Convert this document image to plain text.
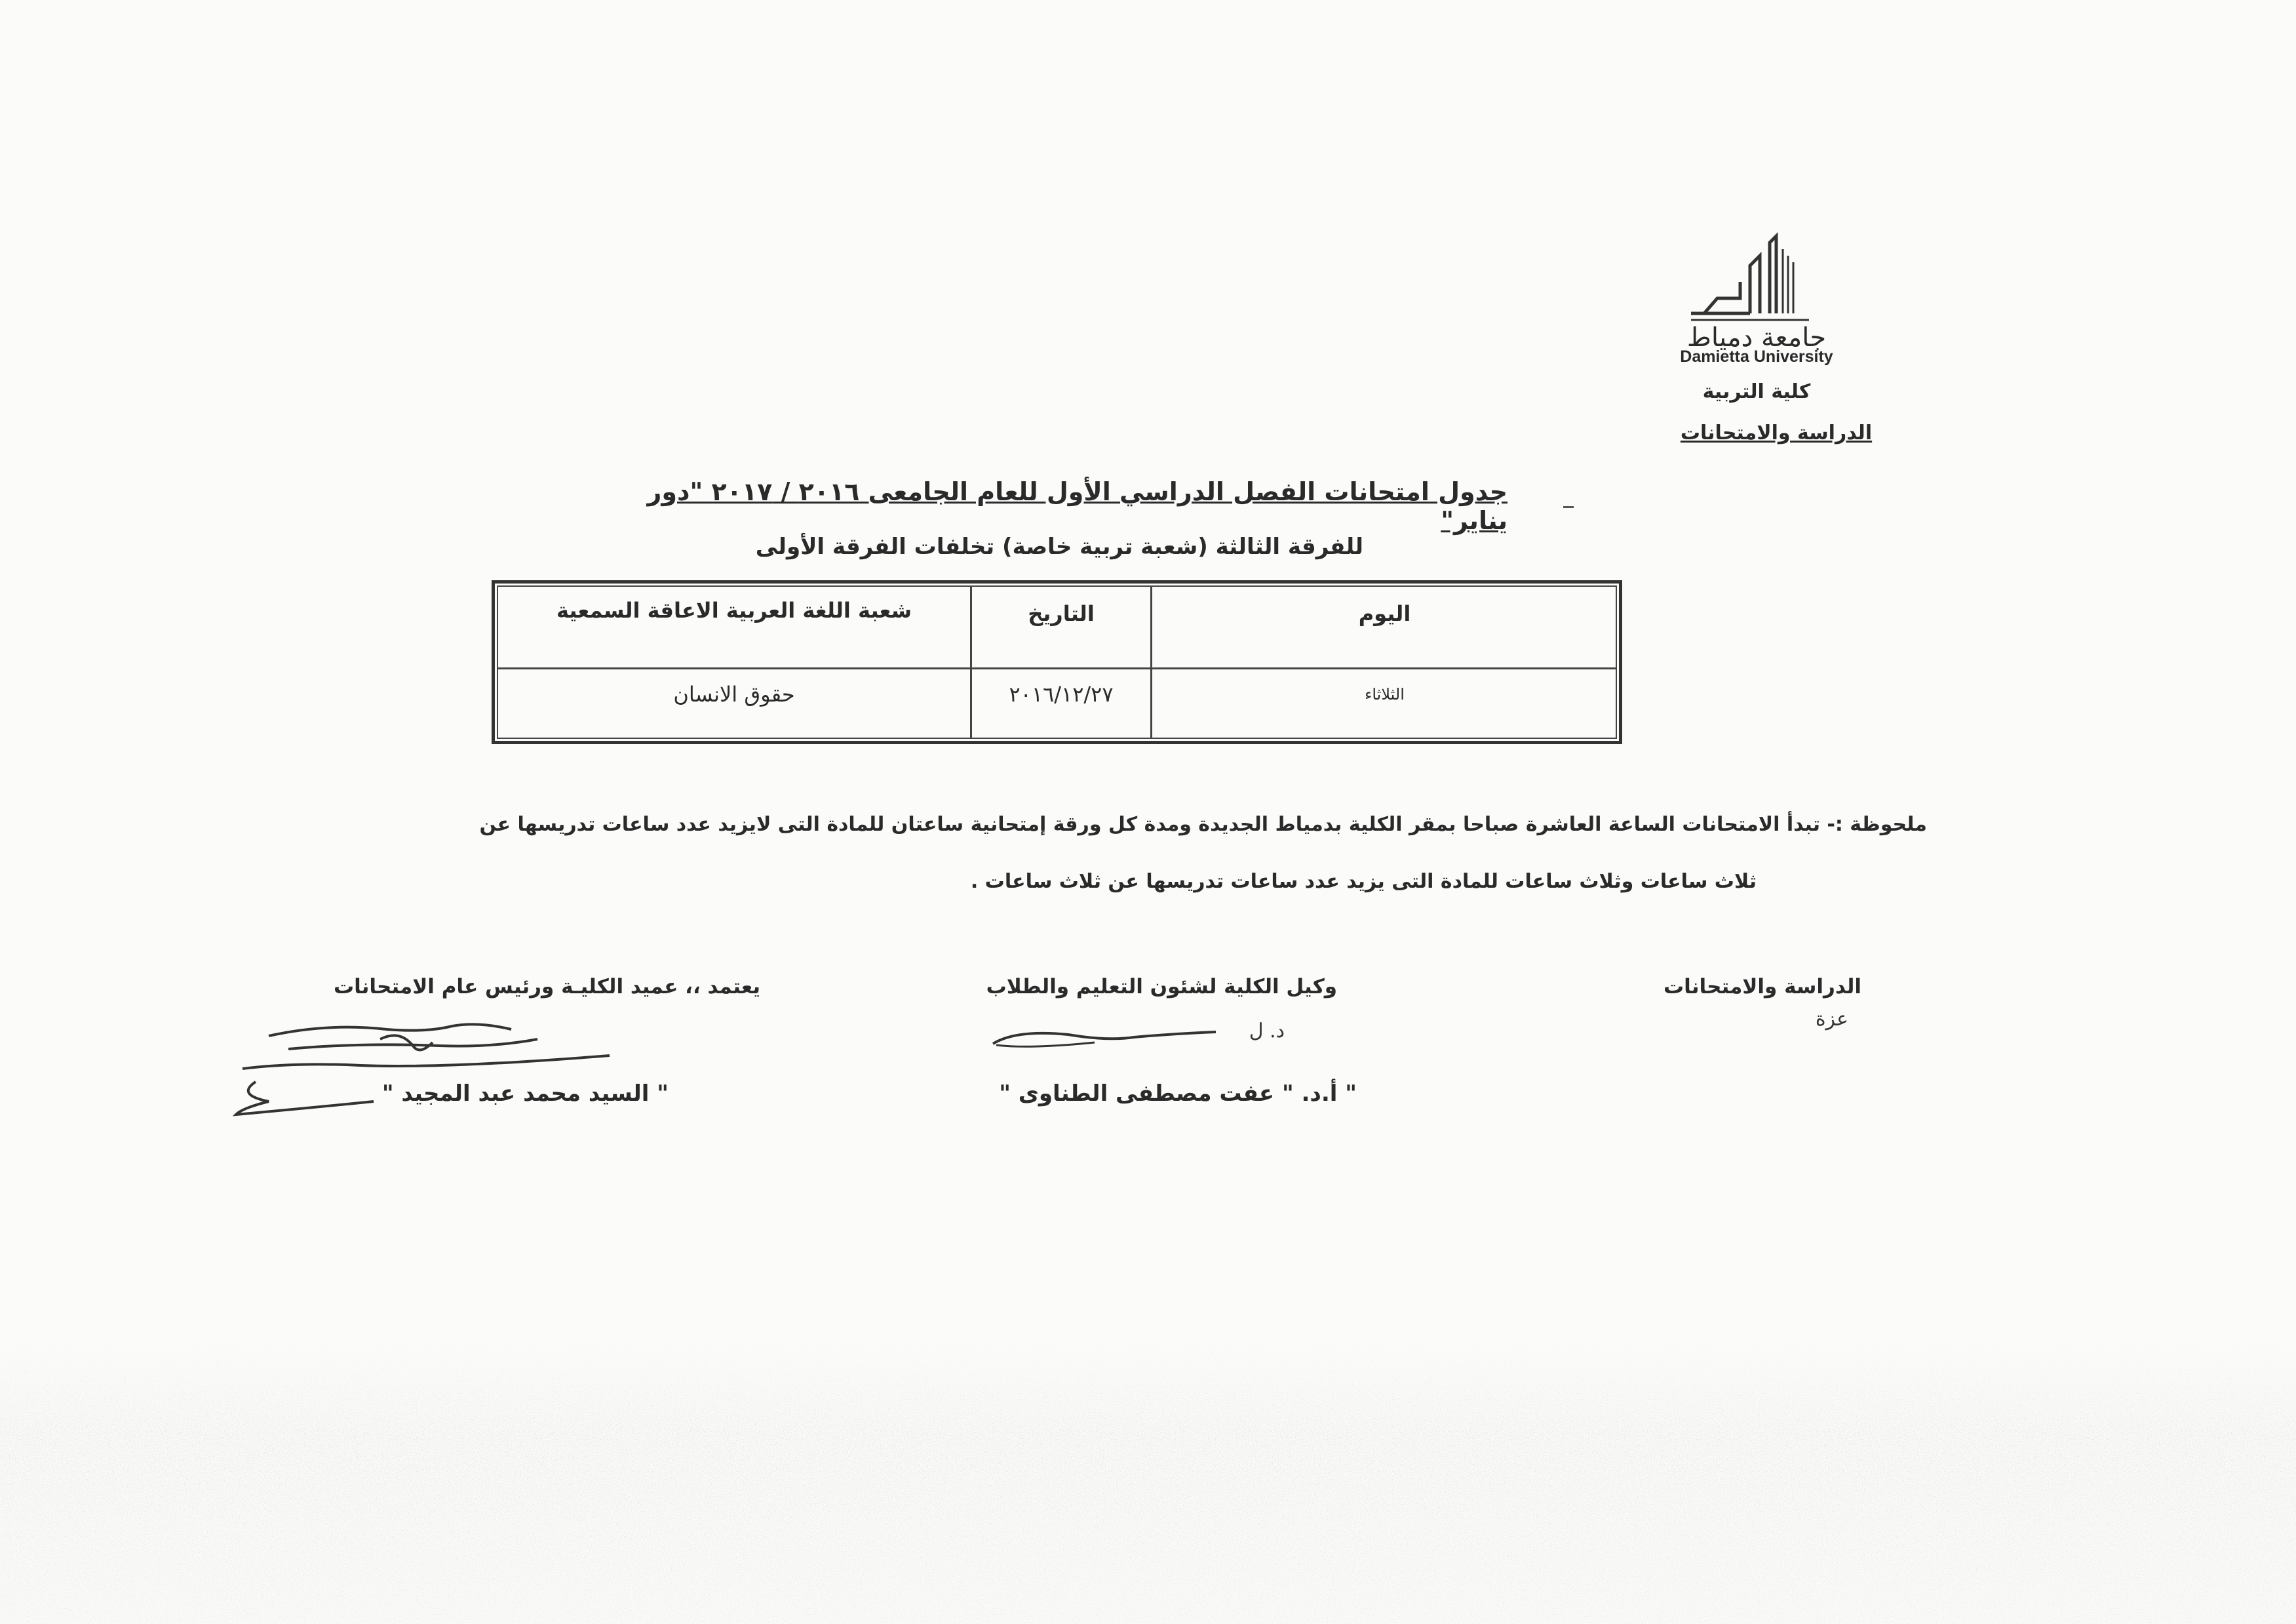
جامعة دمياط
Damietta University
كلية التربية
الدراسة والامتحانات
جدول امتحانات الفصل الدراسي الأول للعام الجامعى ٢٠١٦ / ٢٠١٧ "دور يناير"
للفرقة الثالثة (شعبة تربية خاصة) تخلفات الفرقة الأولى
اليوم
التاريخ
شعبة اللغة العربية الاعاقة السمعية
الثلاثاء
٢٠١٦/١٢/٢٧
حقوق الانسان
ملحوظة :- تبدأ الامتحانات الساعة العاشرة صباحا بمقر الكلية بدمياط الجديدة ومدة كل ورقة إمتحانية ساعتان للمادة التى لايزيد عدد ساعات تدريسها عن
ثلاث ساعات وثلاث ساعات للمادة التى يزيد عدد ساعات تدريسها عن ثلاث ساعات .
الدراسة والامتحانات
عزة
وكيل الكلية لشئون التعليم والطلاب
د. ل
" أ.د. " عفت مصطفى الطناوى "
يعتمد ،، عميد الكليـة ورئيس عام الامتحانات
" السيد محمد عبد المجيد "
